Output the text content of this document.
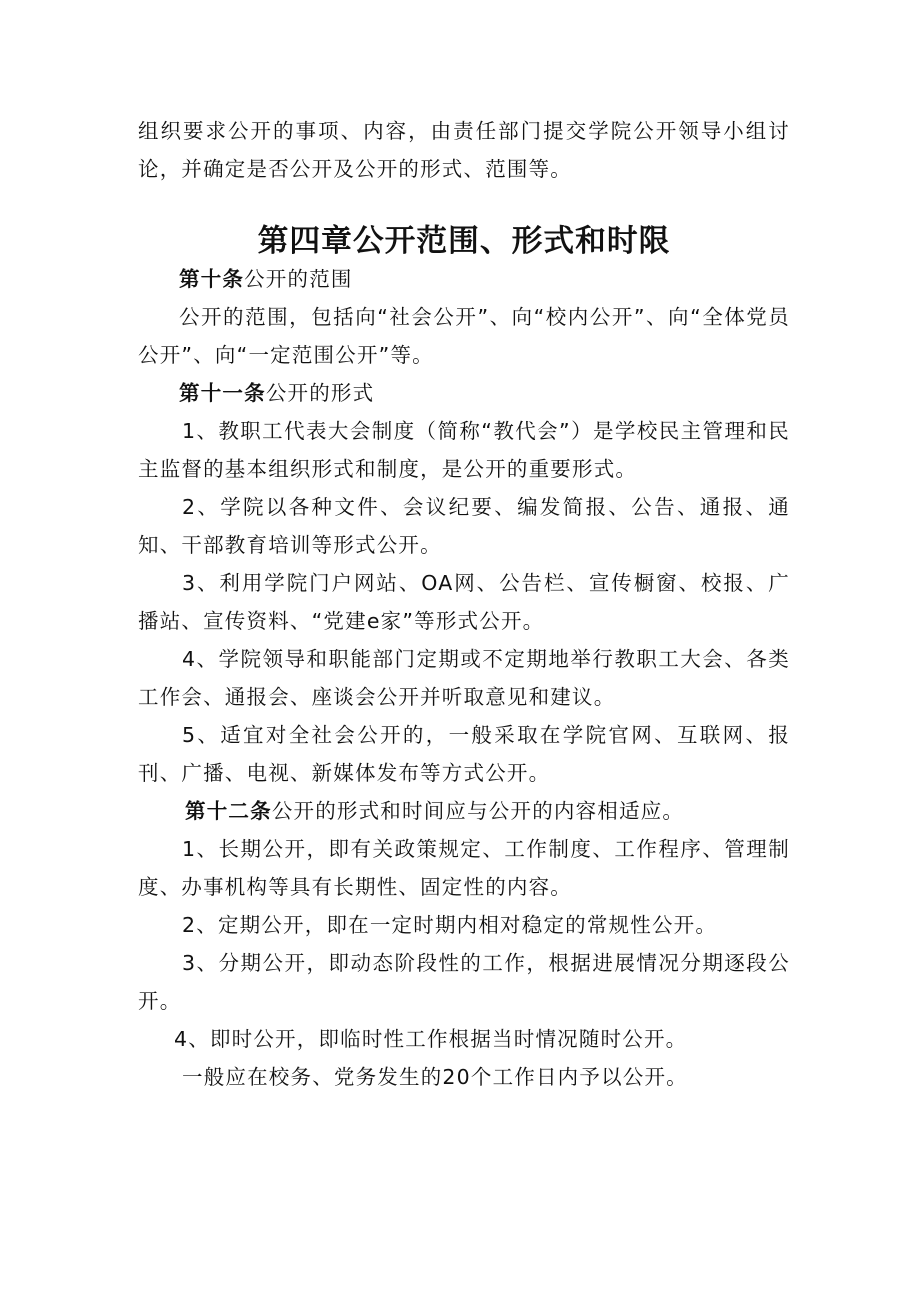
组织要求公开的事项、内容，由责任部门提交学院公开领导小组讨论，并确定是否公开及公开的形式、范围等。

第四章公开范围、形式和时限

第十条公开的范围

公开的范围，包括向“社会公开”、向“校内公开”、向“全体党员公开”、向“一定范围公开”等。

第十一条公开的形式

1、教职工代表大会制度（简称“教代会”）是学校民主管理和民主监督的基本组织形式和制度，是公开的重要形式。

2、学院以各种文件、会议纪要、编发简报、公告、通报、通知、干部教育培训等形式公开。

3、利用学院门户网站、OA网、公告栏、宣传橱窗、校报、广播站、宣传资料、“党建e家”等形式公开。

4、学院领导和职能部门定期或不定期地举行教职工大会、各类工作会、通报会、座谈会公开并听取意见和建议。

5、适宜对全社会公开的，一般采取在学院官网、互联网、报刊、广播、电视、新媒体发布等方式公开。

第十二条公开的形式和时间应与公开的内容相适应。

1、长期公开，即有关政策规定、工作制度、工作程序、管理制度、办事机构等具有长期性、固定性的内容。

2、定期公开，即在一定时期内相对稳定的常规性公开。

3、分期公开，即动态阶段性的工作，根据进展情况分期逐段公开。

4、即时公开，即临时性工作根据当时情况随时公开。

一般应在校务、党务发生的20个工作日内予以公开。
